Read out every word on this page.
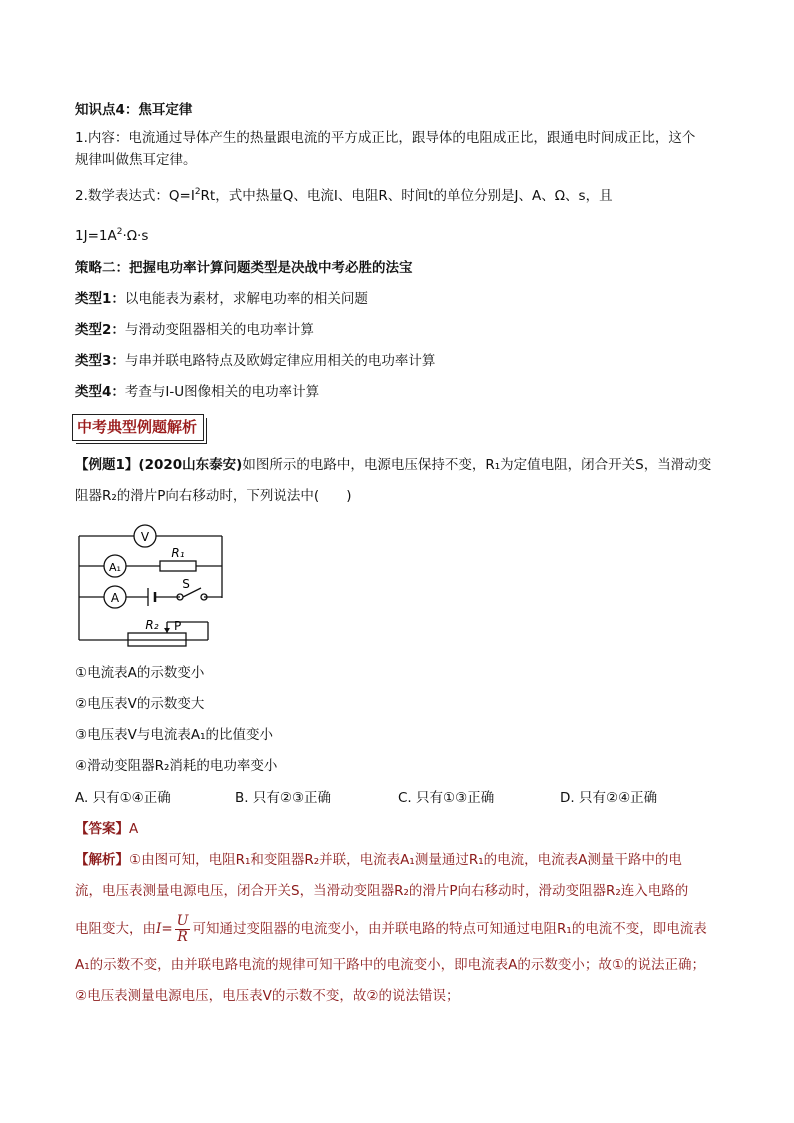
知识点4：焦耳定律
1.内容：电流通过导体产生的热量跟电流的平方成正比，跟导体的电阻成正比，跟通电时间成正比，这个
规律叫做焦耳定律。
2.数学表达式：$Q=I^2Rt$，式中热量Q、电流I、电阻R、时间t的单位分别是J、A、Ω、s，且
$1J=1A^2\cdot\Omega\cdot s$
策略二：把握电功率计算问题类型是决战中考必胜的法宝
类型1：以电能表为素材，求解电功率的相关问题
类型2：与滑动变阻器相关的电功率计算
类型3：与串并联电路特点及欧姆定律应用相关的电功率计算
类型4：考查与I-U图像相关的电功率计算
中考典型例题解析
【例题1】(2020山东泰安)如图所示的电路中，电源电压保持不变，R₁为定值电阻，闭合开关S，当滑动变
阻器R₂的滑片P向右移动时，下列说法中(　　)
V
A₁
A
R₁
S
R₂ P
①电流表A的示数变小
②电压表V的示数变大
③电压表V与电流表A₁的比值变小
④滑动变阻器R₂消耗的电功率变小
A. 只有①④正确	B. 只有②③正确	C. 只有①③正确	D. 只有②④正确
【答案】A
【解析】①由图可知，电阻R₁和变阻器R₂并联，电流表A₁测量通过R₁的电流，电流表A测量干路中的电
流，电压表测量电源电压，闭合开关S，当滑动变阻器R₂的滑片P向右移动时，滑动变阻器R₂连入电路的
电阻变大，由$I= \frac{U}{R}$ 可知通过变阻器的电流变小，由并联电路的特点可知通过电阻R₁的电流不变，即电流表
A₁的示数不变，由并联电路电流的规律可知干路中的电流变小，即电流表A的示数变小；故①的说法正确；
②电压表测量电源电压，电压表V的示数不变，故②的说法错误；
